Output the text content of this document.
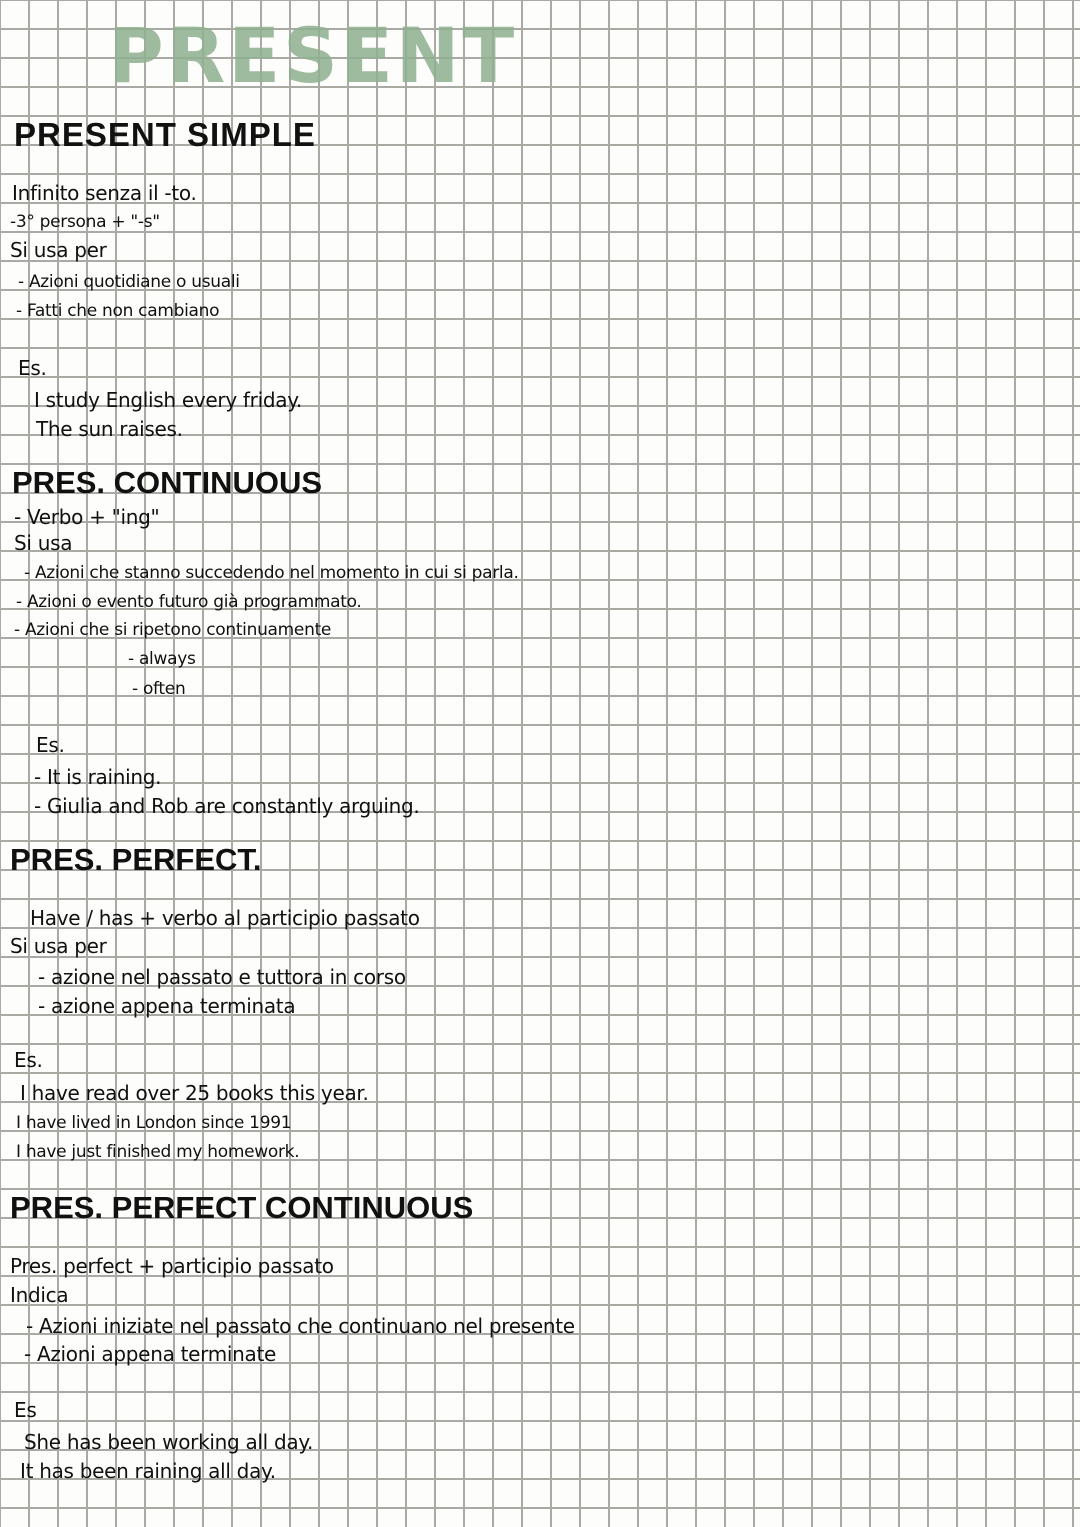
PRESENT
PRESENT SIMPLE
Infinito senza il -to.
-3° persona + "-s"
Si usa per
- Azioni quotidiane o usuali
- Fatti che non cambiano
Es.
I study English every friday.
The sun raises.
PRES. CONTINUOUS
- Verbo + "ing"
Si usa
- Azioni che stanno succedendo nel momento in cui si parla.
- Azioni o evento futuro già programmato.
- Azioni che si ripetono continuamente
- always
- often
Es.
- It is raining.
- Giulia and Rob are constantly arguing.
PRES. PERFECT.
Have / has + verbo al participio passato
Si usa per
- azione nel passato e tuttora in corso
- azione appena terminata
Es.
I have read over 25 books this year.
I have lived in London since 1991
I have just finished my homework.
PRES. PERFECT CONTINUOUS
Pres. perfect + participio passato
Indica
- Azioni iniziate nel passato che continuano nel presente
- Azioni appena terminate
Es
She has been working all day.
It has been raining all day.
